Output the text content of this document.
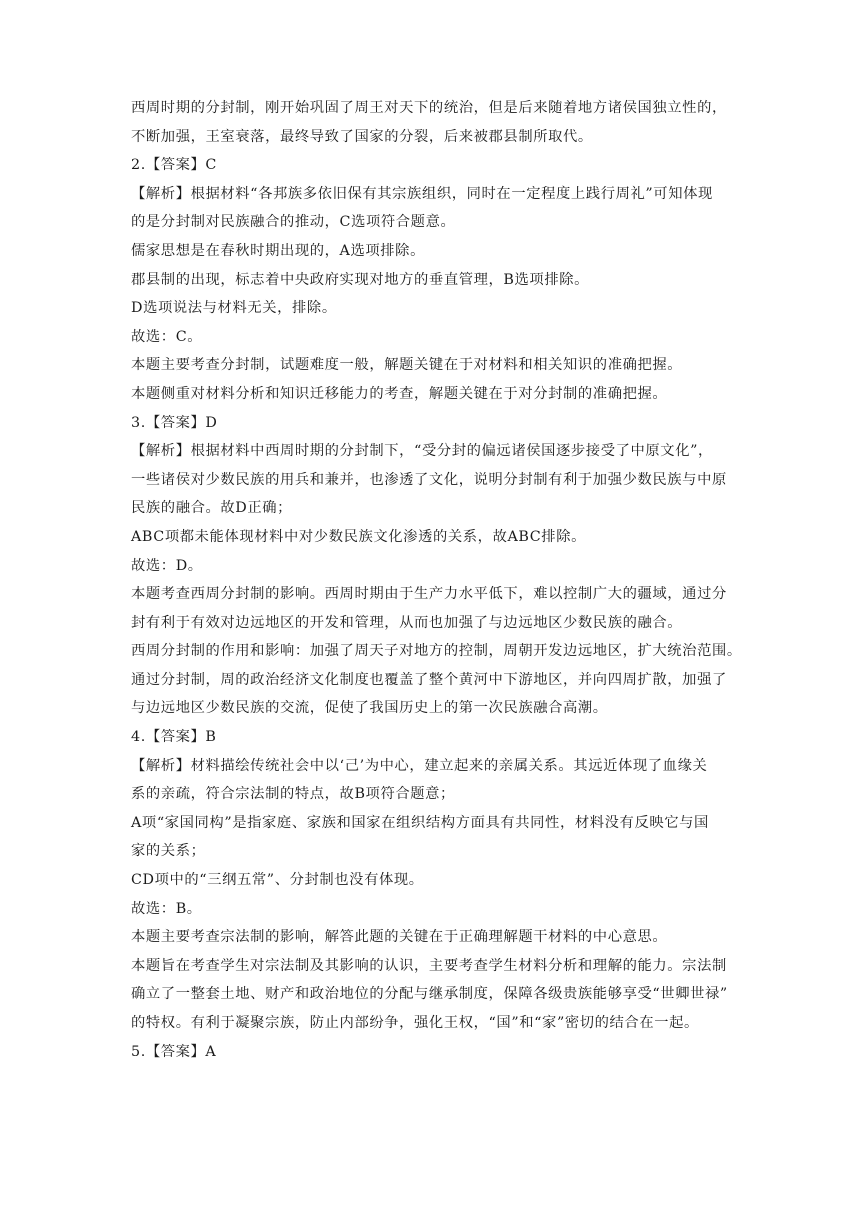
西周时期的分封制，刚开始巩固了周王对天下的统治，但是后来随着地方诸侯国独立性的，

不断加强，王室衰落，最终导致了国家的分裂，后来被郡县制所取代。

2.【答案】C

【解析】根据材料“各邦族多依旧保有其宗族组织，同时在一定程度上践行周礼”可知体现

的是分封制对民族融合的推动，C选项符合题意。

儒家思想是在春秋时期出现的，A选项排除。

郡县制的出现，标志着中央政府实现对地方的垂直管理，B选项排除。

D选项说法与材料无关，排除。

故选：C。

本题主要考查分封制，试题难度一般，解题关键在于对材料和相关知识的准确把握。

本题侧重对材料分析和知识迁移能力的考查，解题关键在于对分封制的准确把握。

3.【答案】D

【解析】根据材料中西周时期的分封制下，“受分封的偏远诸侯国逐步接受了中原文化”，

一些诸侯对少数民族的用兵和兼并，也渗透了文化，说明分封制有利于加强少数民族与中原

民族的融合。故D正确；

ABC项都未能体现材料中对少数民族文化渗透的关系，故ABC排除。

故选：D。

本题考查西周分封制的影响。西周时期由于生产力水平低下，难以控制广大的疆域，通过分

封有利于有效对边远地区的开发和管理，从而也加强了与边远地区少数民族的融合。

西周分封制的作用和影响：加强了周天子对地方的控制，周朝开发边远地区，扩大统治范围。

通过分封制，周的政治经济文化制度也覆盖了整个黄河中下游地区，并向四周扩散，加强了

与边远地区少数民族的交流，促使了我国历史上的第一次民族融合高潮。

4.【答案】B

【解析】材料描绘传统社会中以‘己’为中心，建立起来的亲属关系。其远近体现了血缘关

系的亲疏，符合宗法制的特点，故B项符合题意；

A项“家国同构”是指家庭、家族和国家在组织结构方面具有共同性，材料没有反映它与国

家的关系；

CD项中的“三纲五常”、分封制也没有体现。

故选：B。

本题主要考查宗法制的影响，解答此题的关键在于正确理解题干材料的中心意思。

本题旨在考查学生对宗法制及其影响的认识，主要考查学生材料分析和理解的能力。宗法制

确立了一整套土地、财产和政治地位的分配与继承制度，保障各级贵族能够享受“世卿世禄”

的特权。有利于凝聚宗族，防止内部纷争，强化王权，“国”和“家”密切的结合在一起。

5.【答案】A
